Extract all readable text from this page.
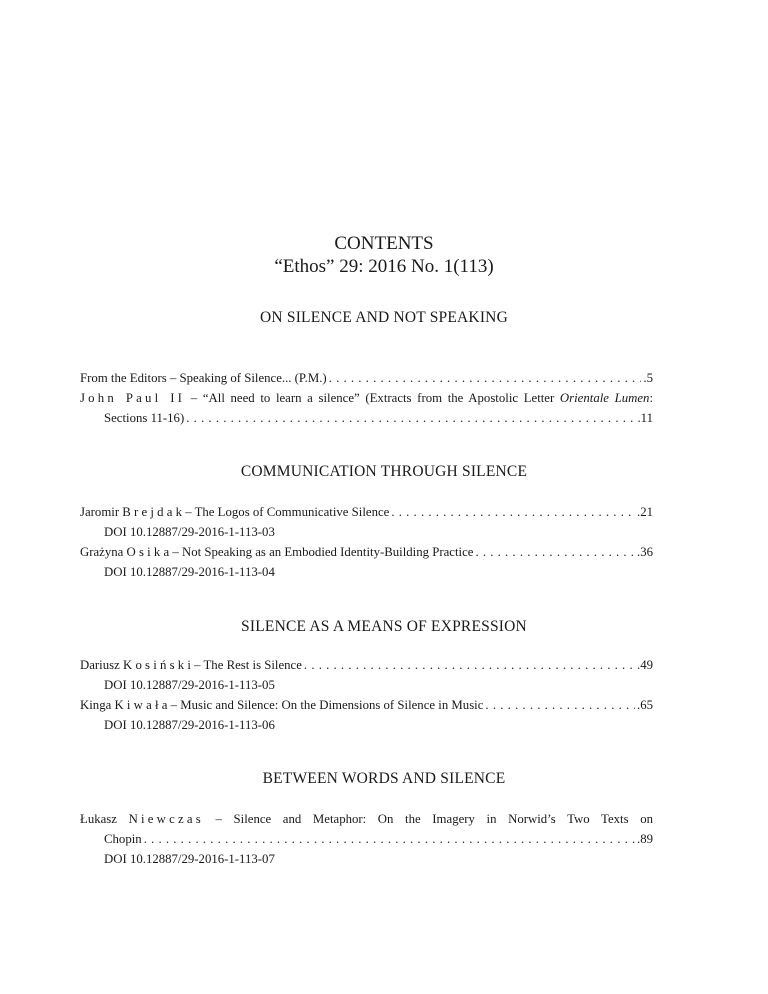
CONTENTS
“Ethos” 29: 2016 No. 1(113)
ON SILENCE AND NOT SPEAKING
From the Editors – Speaking of Silence... (P.M.) . . .	.5
John Paul II – “All need to learn a silence” (Extracts from the Apostolic Letter Orientale Lumen:
Sections 11-16) . . .	.11
COMMUNICATION THROUGH SILENCE
Jaromir
Brejdak – The Logos of Communicative Silence . . .	.21
DOI 10.12887/29-2016-1-113-03
Grażyna
Osika – Not Speaking as an Embodied Identity-Building Practice . . .	.36
DOI 10.12887/29-2016-1-113-04
SILENCE AS A MEANS OF EXPRESSION
Dariusz
Kosiński – The Rest is Silence . . .	.49
DOI 10.12887/29-2016-1-113-05
Kinga
Kiwała – Music and Silence: On the Dimensions of Silence in Music . . .	.65
DOI 10.12887/29-2016-1-113-06
BETWEEN WORDS AND SILENCE
Łukasz Niewczas – Silence and Metaphor: On the Imagery in Norwid’s Two Texts on
Chopin . . .	.89
DOI 10.12887/29-2016-1-113-07
